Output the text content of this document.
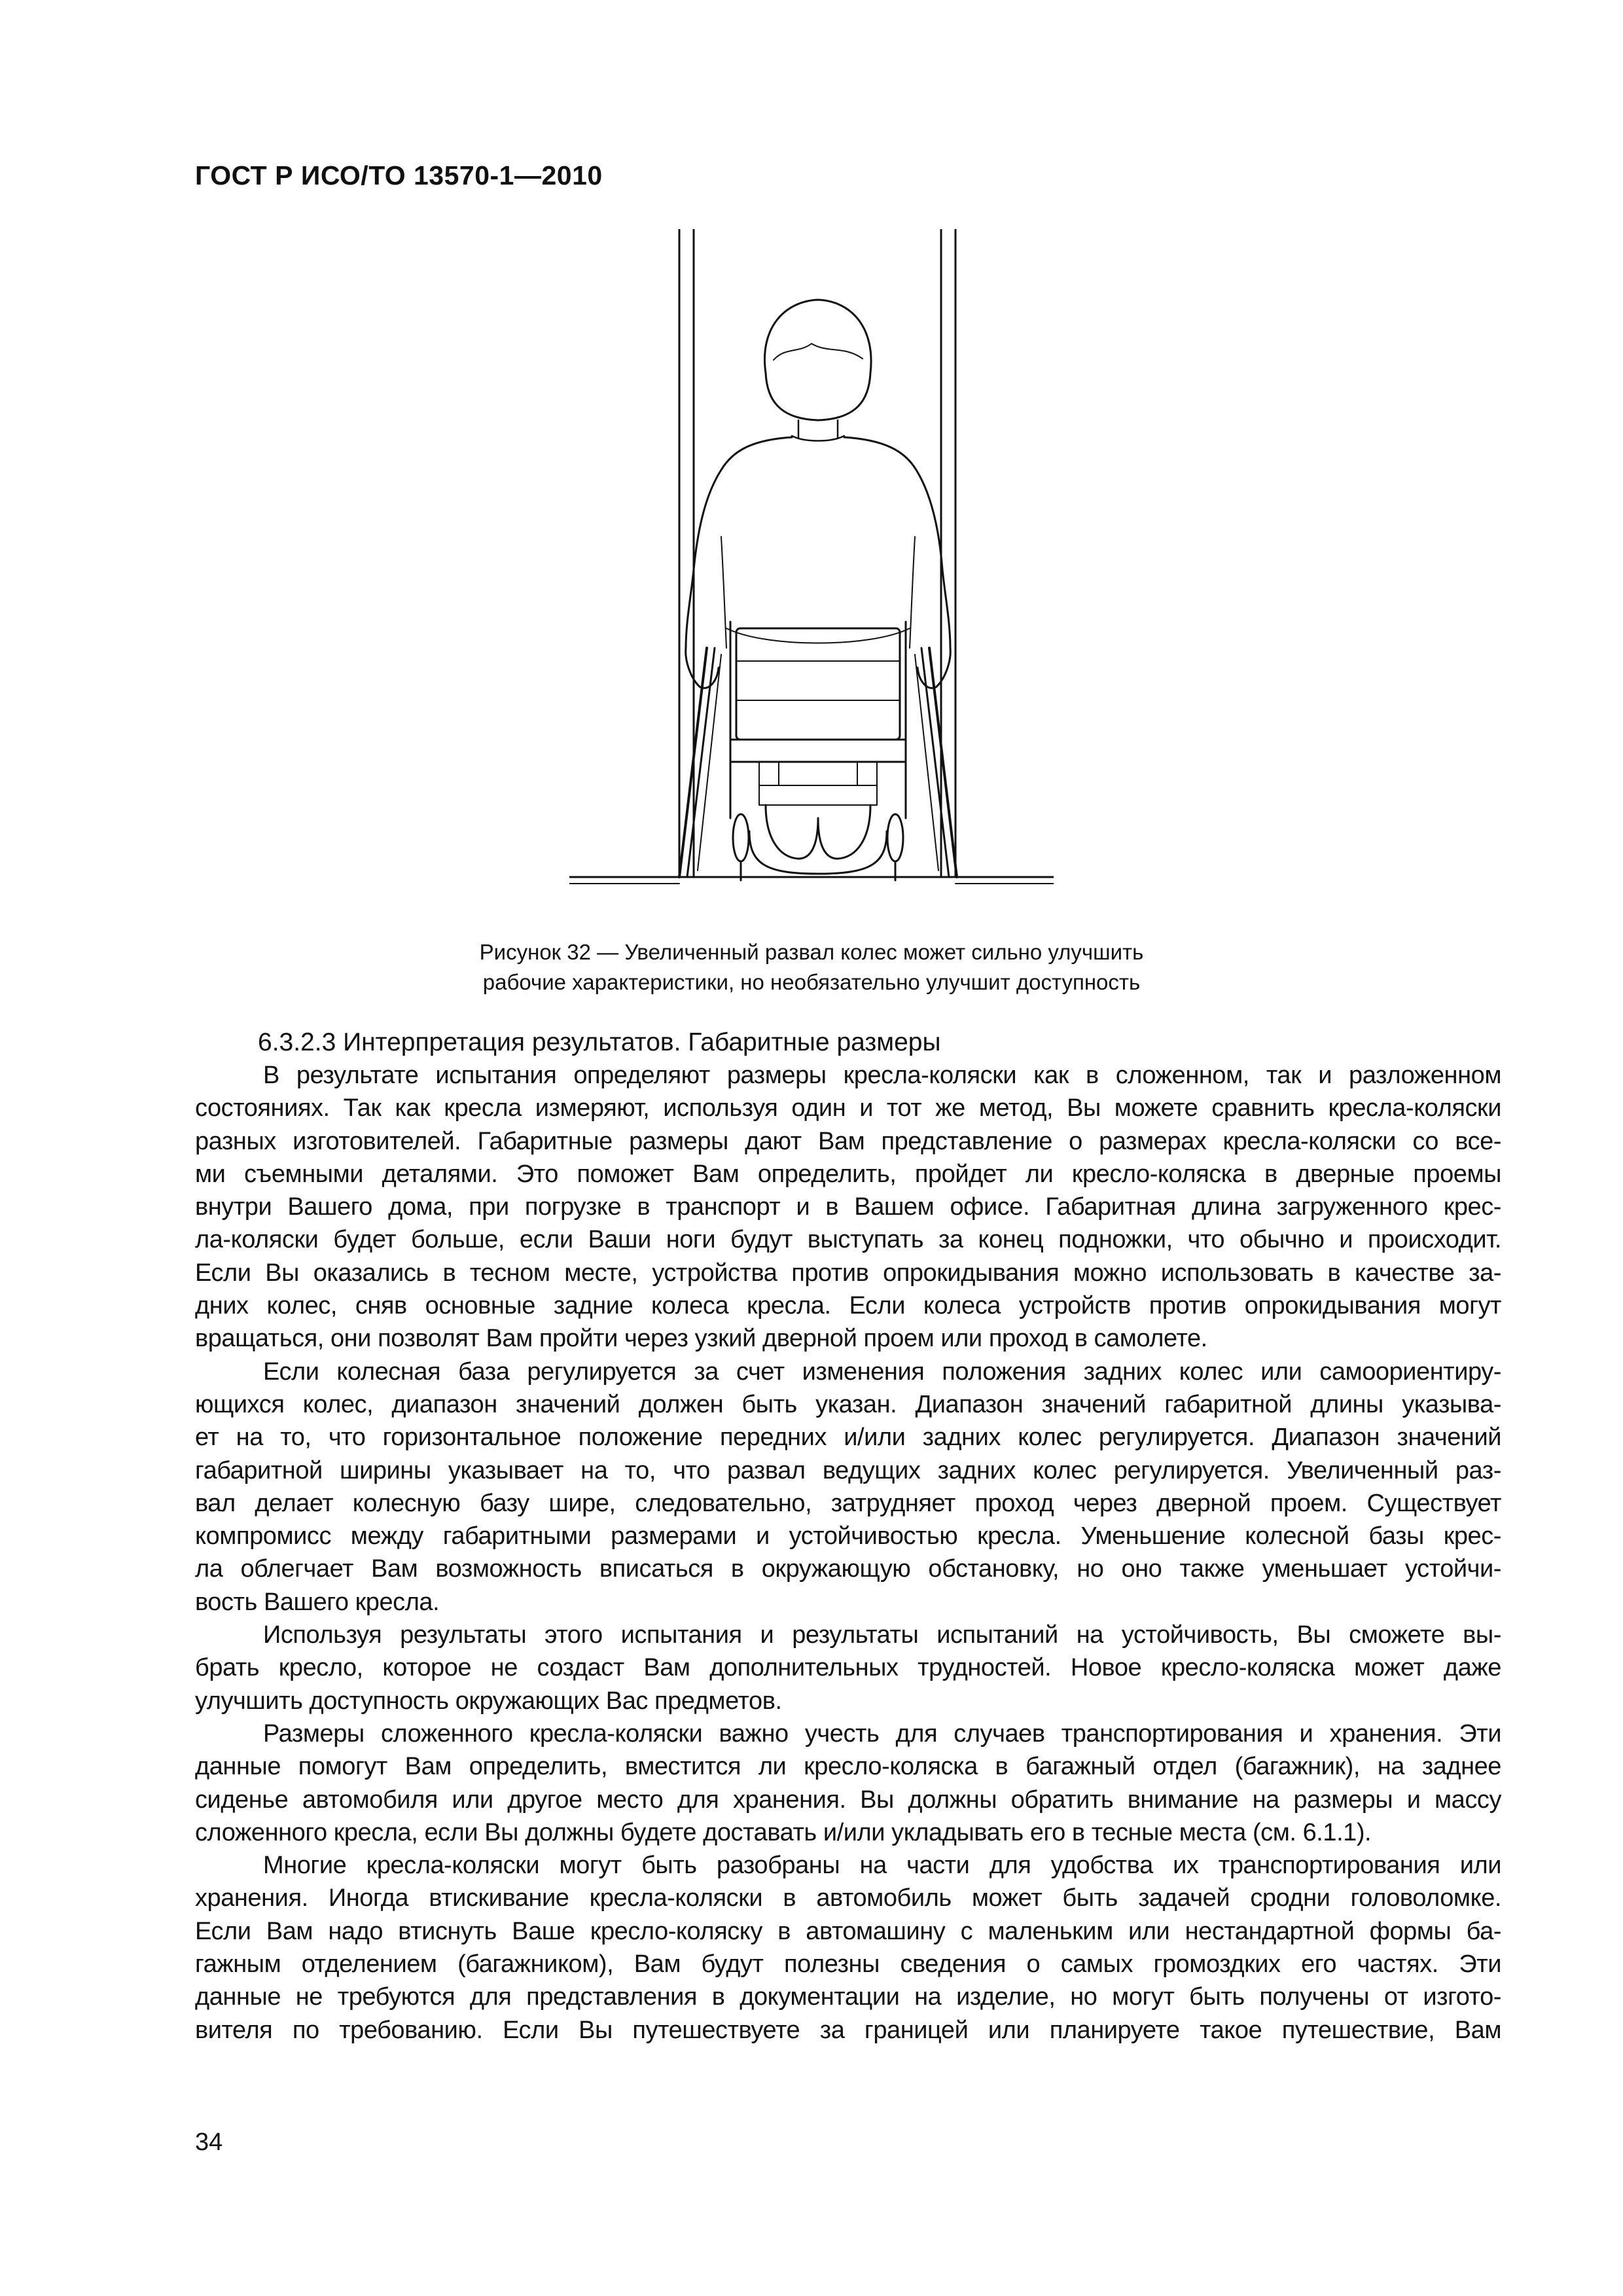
ГОСТ Р ИСО/ТО 13570-1—2010

Рисунок 32 — Увеличенный развал колес может сильно улучшить
рабочие характеристики, но необязательно улучшит доступность

6.3.2.3 Интерпретация результатов. Габаритные размеры

В результате испытания определяют размеры кресла-коляски как в сложенном, так и разложенном
состояниях. Так как кресла измеряют, используя один и тот же метод, Вы можете сравнить кресла-коляски
разных изготовителей. Габаритные размеры дают Вам представление о размерах кресла-коляски со все-
ми съемными деталями. Это поможет Вам определить, пройдет ли кресло-коляска в дверные проемы
внутри Вашего дома, при погрузке в транспорт и в Вашем офисе. Габаритная длина загруженного крес-
ла-коляски будет больше, если Ваши ноги будут выступать за конец подножки, что обычно и происходит.
Если Вы оказались в тесном месте, устройства против опрокидывания можно использовать в качестве за-
дних колес, сняв основные задние колеса кресла. Если колеса устройств против опрокидывания могут
вращаться, они позволят Вам пройти через узкий дверной проем или проход в самолете.

Если колесная база регулируется за счет изменения положения задних колес или самоориентиру-
ющихся колес, диапазон значений должен быть указан. Диапазон значений габаритной длины указыва-
ет на то, что горизонтальное положение передних и/или задних колес регулируется. Диапазон значений
габаритной ширины указывает на то, что развал ведущих задних колес регулируется. Увеличенный раз-
вал делает колесную базу шире, следовательно, затрудняет проход через дверной проем. Существует
компромисс между габаритными размерами и устойчивостью кресла. Уменьшение колесной базы крес-
ла облегчает Вам возможность вписаться в окружающую обстановку, но оно также уменьшает устойчи-
вость Вашего кресла.

Используя результаты этого испытания и результаты испытаний на устойчивость, Вы сможете вы-
брать кресло, которое не создаст Вам дополнительных трудностей. Новое кресло-коляска может даже
улучшить доступность окружающих Вас предметов.

Размеры сложенного кресла-коляски важно учесть для случаев транспортирования и хранения. Эти
данные помогут Вам определить, вместится ли кресло-коляска в багажный отдел (багажник), на заднее
сиденье автомобиля или другое место для хранения. Вы должны обратить внимание на размеры и массу
сложенного кресла, если Вы должны будете доставать и/или укладывать его в тесные места (см. 6.1.1).

Многие кресла-коляски могут быть разобраны на части для удобства их транспортирования или
хранения. Иногда втискивание кресла-коляски в автомобиль может быть задачей сродни головоломке.
Если Вам надо втиснуть Ваше кресло-коляску в автомашину с маленьким или нестандартной формы ба-
гажным отделением (багажником), Вам будут полезны сведения о самых громоздких его частях. Эти
данные не требуются для представления в документации на изделие, но могут быть получены от изгото-
вителя по требованию. Если Вы путешествуете за границей или планируете такое путешествие, Вам

34
